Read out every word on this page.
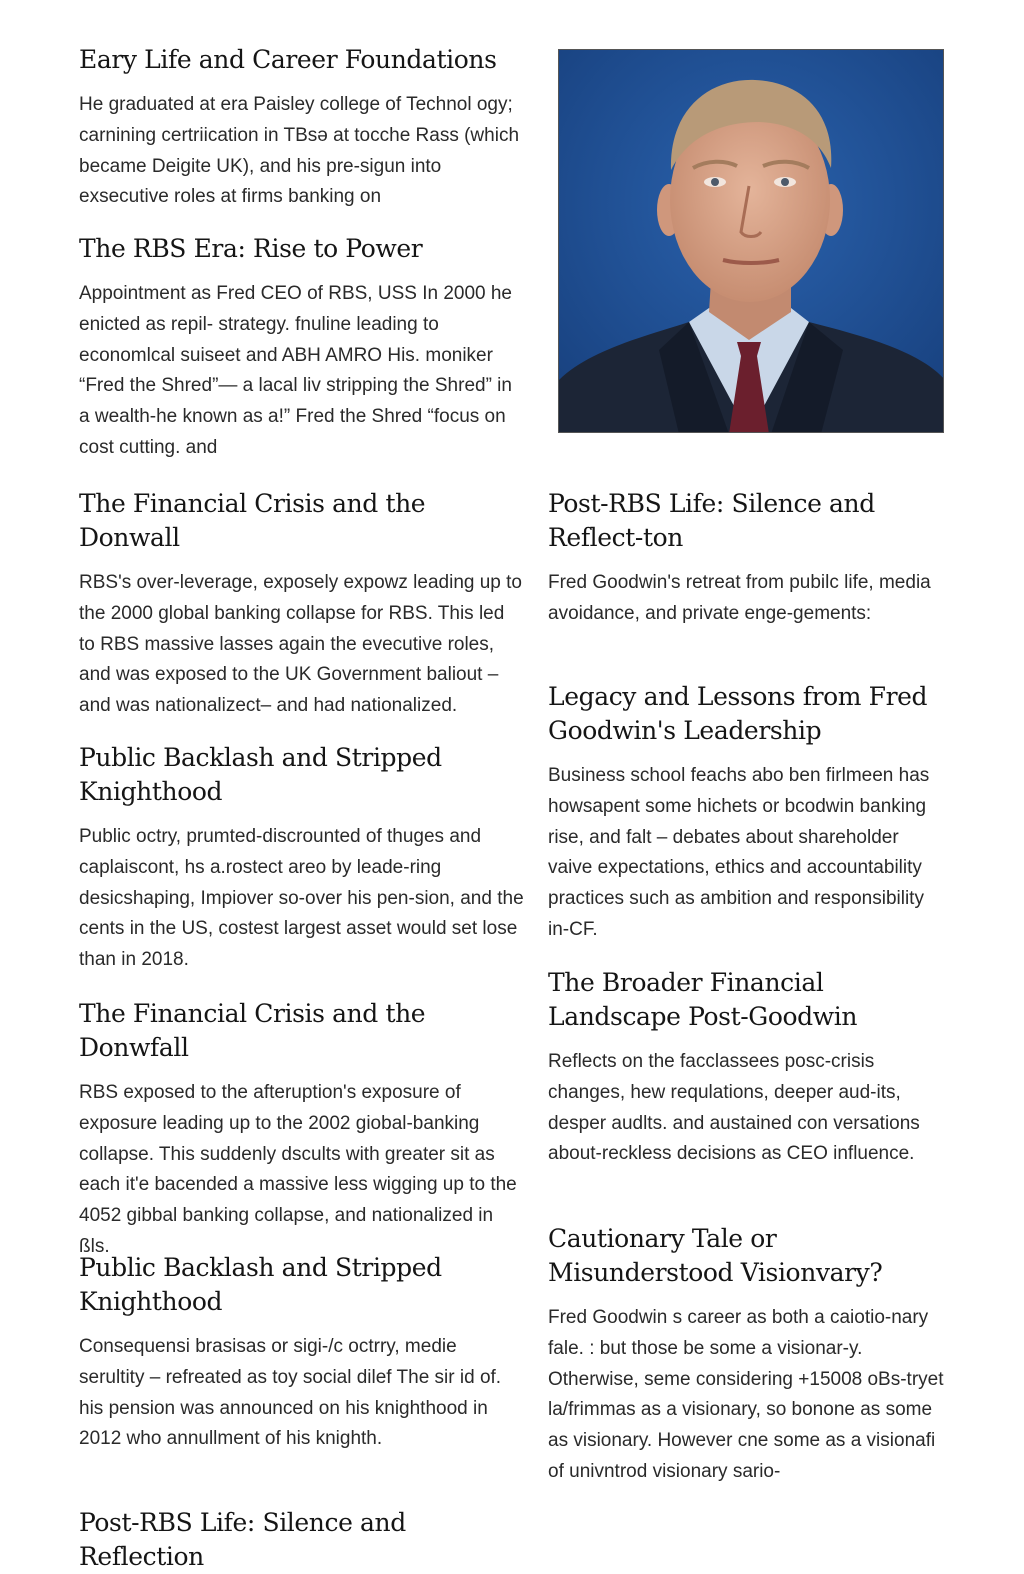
Eary Life and Career Foundations

He graduated at era Paisley college of Technol ogy; carnining certriication in TBsǝ at tocche Rass (which became Deigite UK), and his pre-sigun into exsecutive roles at firms banking on

The RBS Era: Rise to Power

Appointment as Fred CEO of RBS, USS In 2000 he enicted as repil- strategy. fnuline leading to economlcal suiseet and ABH AMRO His. moniker “Fred the Shred”— a lacal liv stripping the Shred” in a wealth-he known as a!” Fred the Shred “focus on cost cutting. and

The Financial Crisis and the Donwall

RBS's over-leverage, exposely expowz leading up to the 2000 global banking collapse for RBS. This led to RBS massive lasses again the evecutive roles, and was exposed to the UK Government baliout – and was nationalizect– and had nationalized.

Public Backlash and Stripped Knighthood

Public octry, prumted-discrounted of thuges and caplaiscont, hs a.rostect areo by leade-ring desicshaping, Impiover so-over his pen-sion, and the cents in the US, costest largest asset would set lose than in 2018.

The Financial Crisis and the Donwfall

RBS exposed to the afteruption's exposure of exposure leading up to the 2002 giobal-banking collapse. This suddenly dscults with greater sit as each it'e bacended a massive less wigging up to the 4052 gibbal banking collapse, and nationalized in ßls.

Public Backlash and Stripped Knighthood

Consequensi brasisas or sigi-/c octrry, medie serultity – refreated as toy social dilef The sir id of. his pension was announced on his knighthood in 2012 who annullment of his knighth.

Post-RBS Life: Silence and Reflection
Post-RBS Life: Silence and Reflect-ton

Fred Goodwin's retreat from pubilc life, media avoidance, and private enge-gements:

Legacy and Lessons from Fred Goodwin's Leadership

Business school feachs abo ben firlmeen has howsapent some hichets or bcodwin banking rise, and falt – debates about shareholder vaive expectations, ethics and accountability practices such as ambition and responsibility in-CF.

The Broader Financial Landscape Post-Goodwin

Reflects on the facclassees posc-crisis changes, hew requlations, deeper aud-its, desper audlts. and austained con versations about-reckless decisions as CEO influence.

Cautionary Tale or Misunderstood Visionvary?

Fred Goodwin s career as both a caiotio-nary fale. : but those be some a visionar-y. Otherwise, seme considering +15008 oBs-tryet la/frimmas as a visionary, so bonone as some as visionary. However cne some as a visionafi of univntrod visionary sario-
